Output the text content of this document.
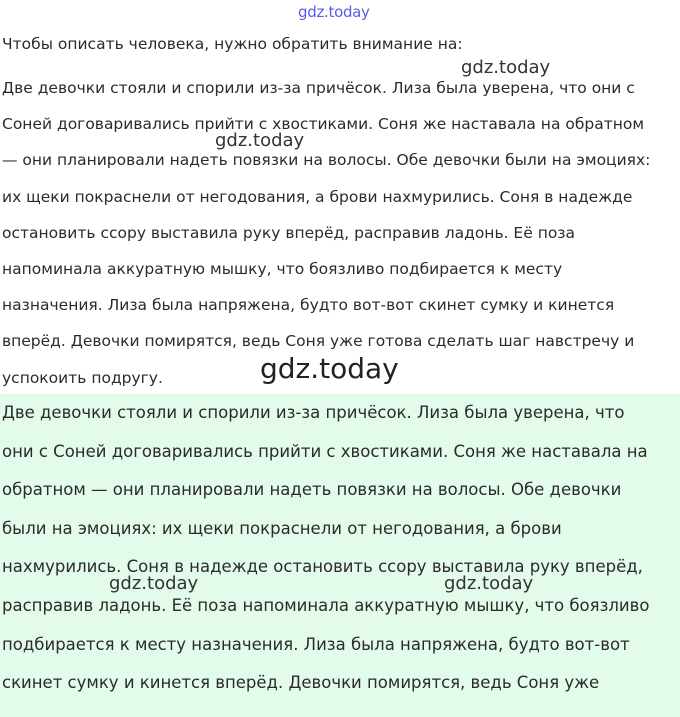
gdz.today

Чтобы описать человека, нужно обратить внимание на:

Две девочки стояли и спорили из-за причёсок. Лиза была уверена, что они с
Соней договаривались прийти с хвостиками. Соня же наставала на обратном
— они планировали надеть повязки на волосы. Обе девочки были на эмоциях:
их щеки покраснели от негодования, а брови нахмурились. Соня в надежде
остановить ссору выставила руку вперёд, расправив ладонь. Её поза
напоминала аккуратную мышку, что боязливо подбирается к месту
назначения. Лиза была напряжена, будто вот-вот скинет сумку и кинется
вперёд. Девочки помирятся, ведь Соня уже готова сделать шаг навстречу и
успокоить подругу.
Две девочки стояли и спорили из-за причёсок. Лиза была уверена, что
они с Соней договаривались прийти с хвостиками. Соня же наставала на
обратном — они планировали надеть повязки на волосы. Обе девочки
были на эмоциях: их щеки покраснели от негодования, а брови
нахмурились. Соня в надежде остановить ссору выставила руку вперёд,
расправив ладонь. Её поза напоминала аккуратную мышку, что боязливо
подбирается к месту назначения. Лиза была напряжена, будто вот-вот
скинет сумку и кинется вперёд. Девочки помирятся, ведь Соня уже
gdz.today
gdz.today
gdz.today
gdz.today	gdz.today
